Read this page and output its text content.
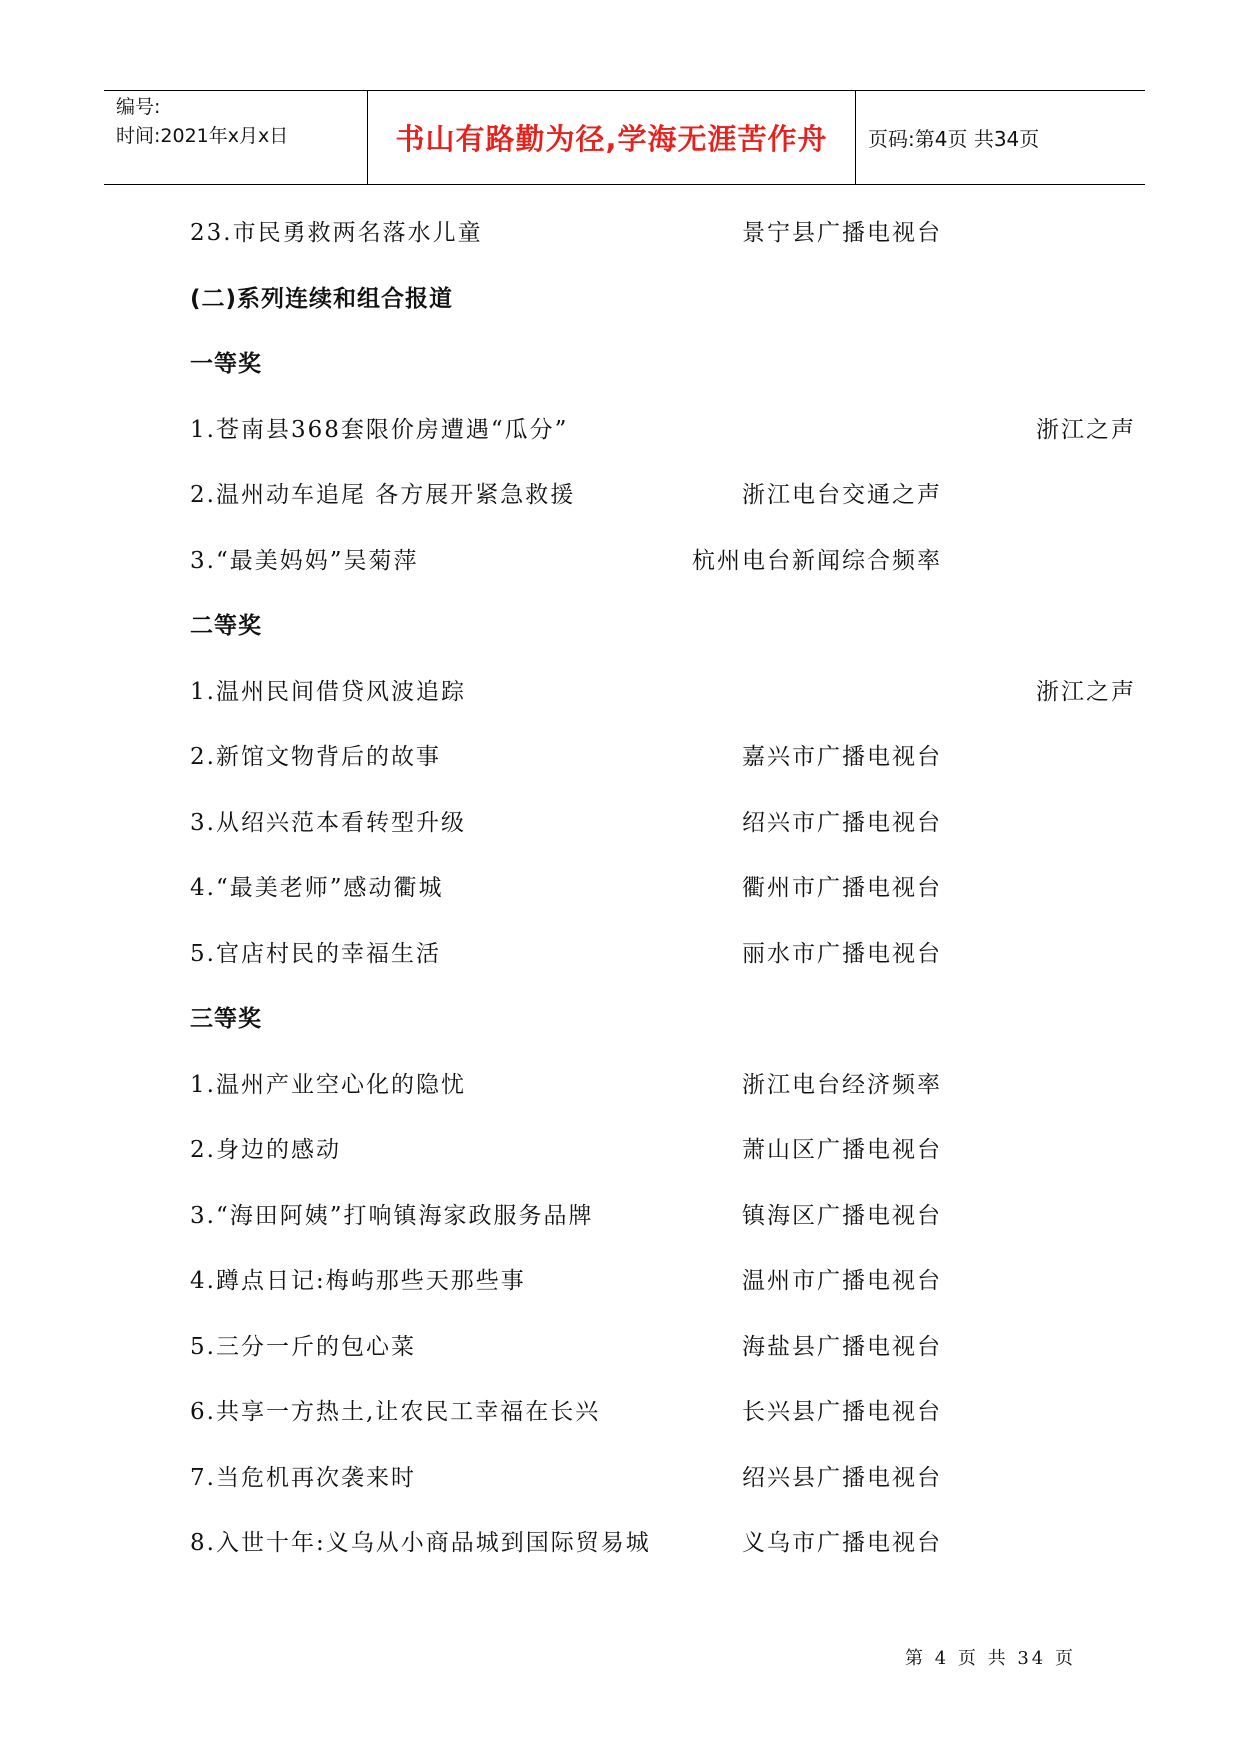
编号:
时间:2021年x月x日	书山有路勤为径,学海无涯苦作舟	页码:第4页 共34页
23.市民勇救两名落水儿童	景宁县广播电视台
(二)系列连续和组合报道
一等奖
1.苍南县368套限价房遭遇“瓜分”	浙江之声
2.温州动车追尾 各方展开紧急救援	浙江电台交通之声
3.“最美妈妈”吴菊萍	杭州电台新闻综合频率
二等奖
1.温州民间借贷风波追踪	浙江之声
2.新馆文物背后的故事	嘉兴市广播电视台
3.从绍兴范本看转型升级	绍兴市广播电视台
4.“最美老师”感动衢城	衢州市广播电视台
5.官店村民的幸福生活	丽水市广播电视台
三等奖
1.温州产业空心化的隐忧	浙江电台经济频率
2.身边的感动	萧山区广播电视台
3.“海田阿姨”打响镇海家政服务品牌	镇海区广播电视台
4.蹲点日记:梅屿那些天那些事	温州市广播电视台
5.三分一斤的包心菜	海盐县广播电视台
6.共享一方热土,让农民工幸福在长兴	长兴县广播电视台
7.当危机再次袭来时	绍兴县广播电视台
8.入世十年:义乌从小商品城到国际贸易城	义乌市广播电视台
第 4 页 共 34 页
